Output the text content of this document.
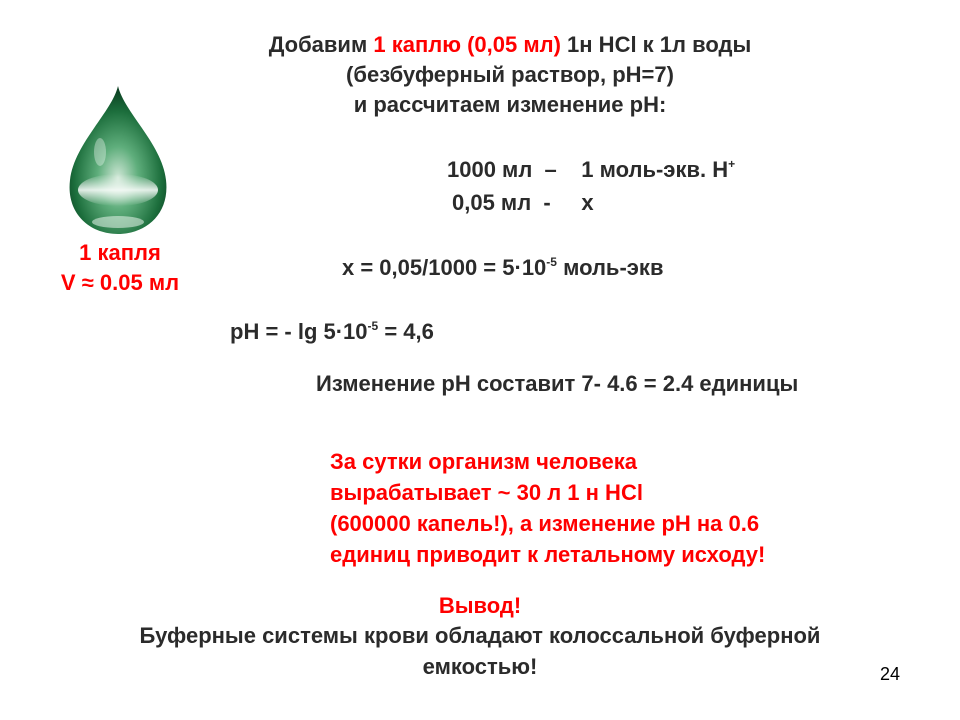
Добавим 1 каплю (0,05 мл) 1н HCl к 1л воды
(безбуферный раствор, рН=7)
и рассчитаем изменение рН:
1 капля
V ≈ 0.05 мл
1000 мл – 1 моль-экв. Н+
0,05 мл - х
$х = 0,05/1000 = 5\cdot 10^{-5}$ моль-экв
рН = - $\lg 5\cdot 10^{-5} = 4,6$
Изменение рН составит 7- 4.6 = 2.4 единицы
За сутки организм человека
вырабатывает ~ 30 л 1 н HCl
(600000 капель!), а изменение рН на 0.6
единиц приводит к летальному исходу!
Вывод!
Буферные системы крови обладают колоссальной буферной
емкостью!	24
